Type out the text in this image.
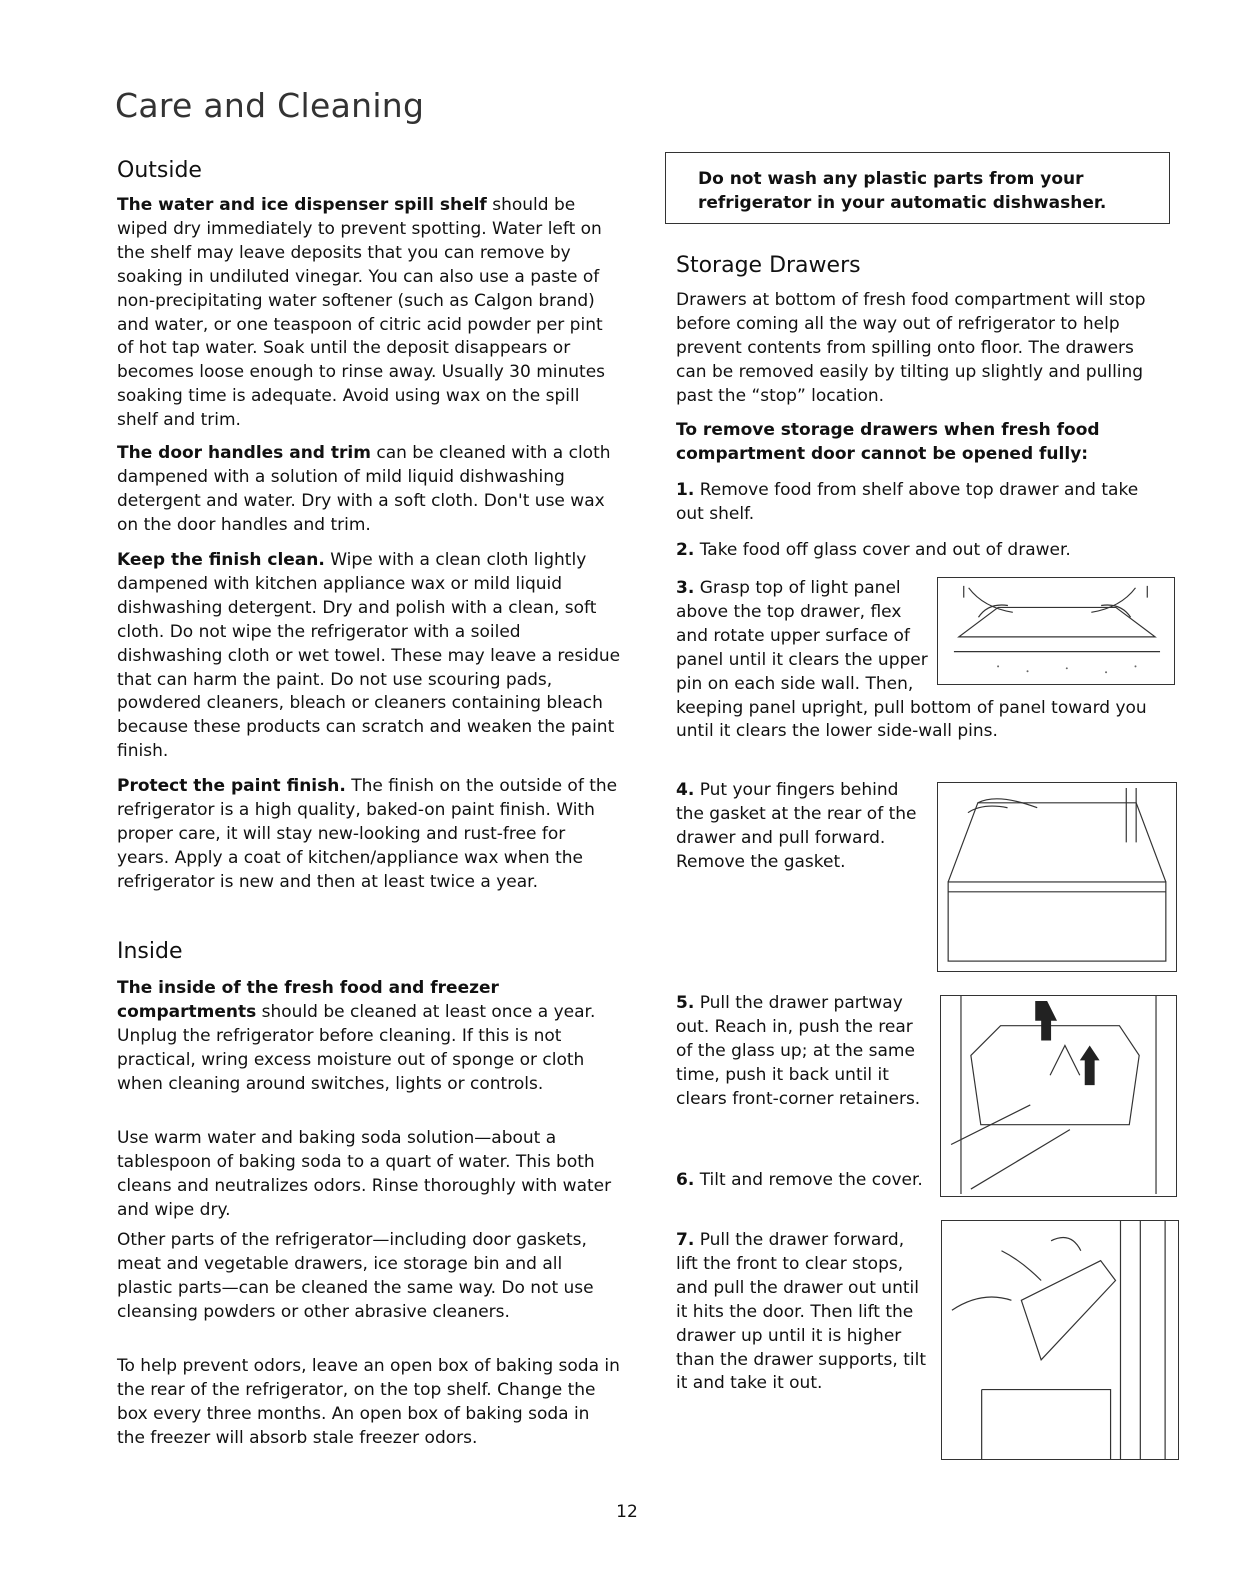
Care and Cleaning
Outside

The water and ice dispenser spill shelf should be wiped dry immediately to prevent spotting. Water left on the shelf may leave deposits that you can remove by soaking in undiluted vinegar. You can also use a paste of non-precipitating water softener (such as Calgon brand) and water, or one teaspoon of citric acid powder per pint of hot tap water. Soak until the deposit disappears or becomes loose enough to rinse away. Usually 30 minutes soaking time is adequate. Avoid using wax on the spill shelf and trim.

The door handles and trim can be cleaned with a cloth dampened with a solution of mild liquid dishwashing detergent and water. Dry with a soft cloth. Don't use wax on the door handles and trim.

Keep the finish clean. Wipe with a clean cloth lightly dampened with kitchen appliance wax or mild liquid dishwashing detergent. Dry and polish with a clean, soft cloth. Do not wipe the refrigerator with a soiled dishwashing cloth or wet towel. These may leave a residue that can harm the paint. Do not use scouring pads, powdered cleaners, bleach or cleaners containing bleach because these products can scratch and weaken the paint finish.

Protect the paint finish. The finish on the outside of the refrigerator is a high quality, baked-on paint finish. With proper care, it will stay new-looking and rust-free for years. Apply a coat of kitchen/appliance wax when the refrigerator is new and then at least twice a year.

Inside

The inside of the fresh food and freezer compartments should be cleaned at least once a year. Unplug the refrigerator before cleaning. If this is not practical, wring excess moisture out of sponge or cloth when cleaning around switches, lights or controls.

Use warm water and baking soda solution—about a tablespoon of baking soda to a quart of water. This both cleans and neutralizes odors. Rinse thoroughly with water and wipe dry.

Other parts of the refrigerator—including door gaskets, meat and vegetable drawers, ice storage bin and all plastic parts—can be cleaned the same way. Do not use cleansing powders or other abrasive cleaners.

To help prevent odors, leave an open box of baking soda in the rear of the refrigerator, on the top shelf. Change the box every three months. An open box of baking soda in the freezer will absorb stale freezer odors.

Do not wash any plastic parts from your refrigerator in your automatic dishwasher.

Storage Drawers

Drawers at bottom of fresh food compartment will stop before coming all the way out of refrigerator to help prevent contents from spilling onto floor. The drawers can be removed easily by tilting up slightly and pulling past the “stop” location.

To remove storage drawers when fresh food compartment door cannot be opened fully:

1. Remove food from shelf above top drawer and take out shelf.

2. Take food off glass cover and out of drawer.

3. Grasp top of light panel above the top drawer, flex and rotate upper surface of panel until it clears the upper pin on each side wall. Then, keeping panel upright, pull bottom of panel toward you until it clears the lower side-wall pins.

4. Put your fingers behind the gasket at the rear of the drawer and pull forward. Remove the gasket.

5. Pull the drawer partway out. Reach in, push the rear of the glass up; at the same time, push it back until it clears front-corner retainers.

6. Tilt and remove the cover.

7. Pull the drawer forward, lift the front to clear stops, and pull the drawer out until it hits the door. Then lift the drawer up until it is higher than the drawer supports, tilt it and take it out.

12
